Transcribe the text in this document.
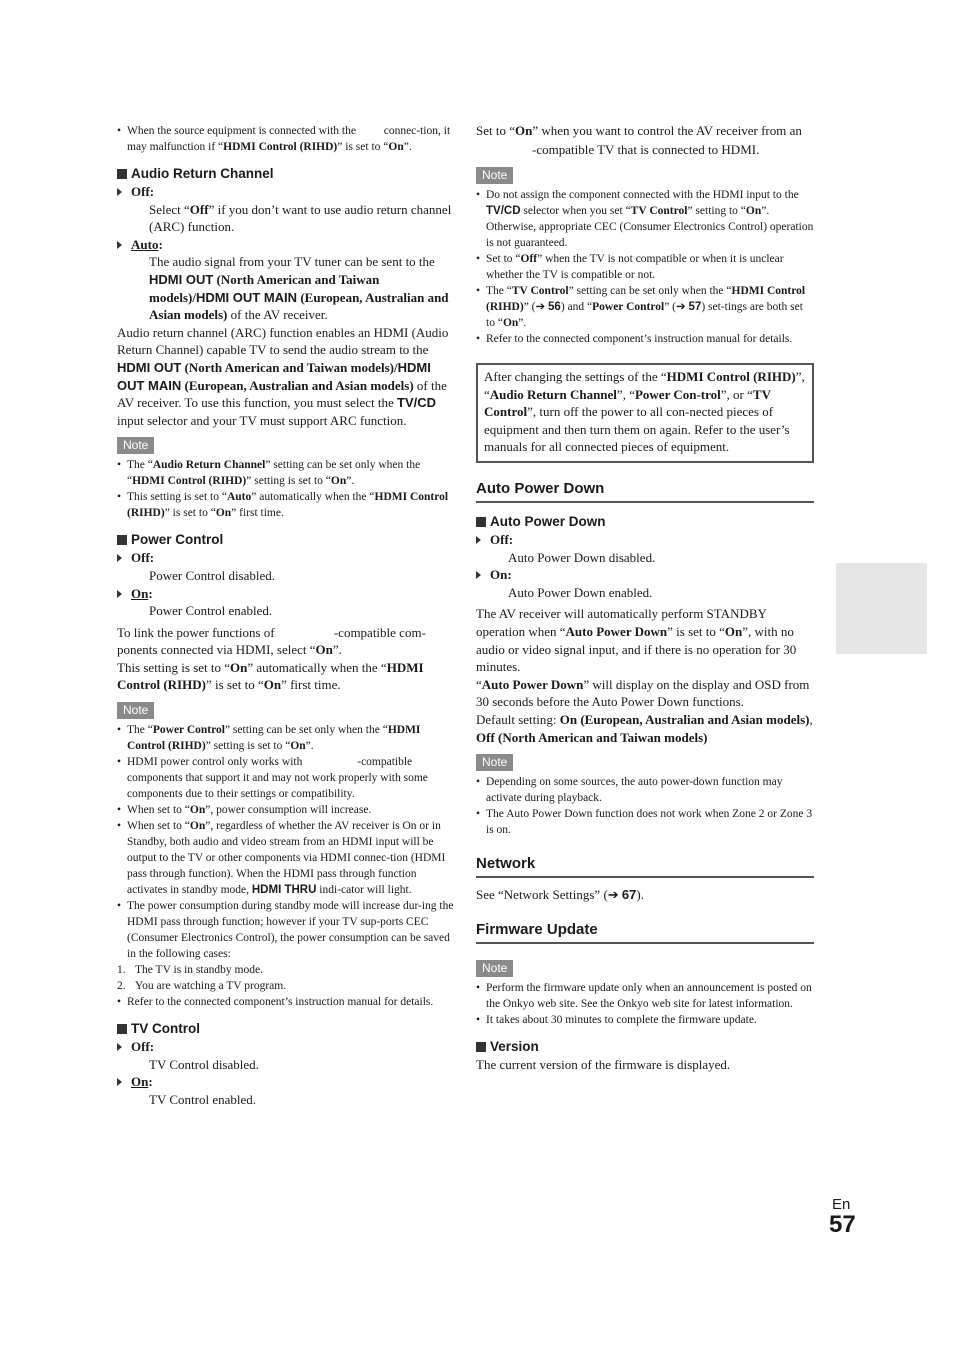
• When the source equipment is connected with the  connec-tion, it may malfunction if “HDMI Control (RIHD)” is set to “On”.
Audio Return Channel
Off:

Select “Off” if you don’t want to use audio return channel (ARC) function.

Auto:

The audio signal from your TV tuner can be sent to the HDMI OUT (North American and Taiwan models)/HDMI OUT MAIN (European, Australian and Asian models) of the AV receiver.

Audio return channel (ARC) function enables an HDMI (Audio Return Channel) capable TV to send the audio stream to the HDMI OUT (North American and Taiwan models)/HDMI OUT MAIN (European, Australian and Asian models) of the AV receiver. To use this function, you must select the TV/CD input selector and your TV must support ARC function.

Note
• The “Audio Return Channel” setting can be set only when the “HDMI Control (RIHD)” setting is set to “On”.
• This setting is set to “Auto” automatically when the “HDMI Control (RIHD)” is set to “On” first time.
Power Control
Off:

Power Control disabled.

On:

Power Control enabled.

To link the power functions of	-compatible com-ponents connected via HDMI, select “On”.

This setting is set to “On” automatically when the “HDMI Control (RIHD)” is set to “On” first time.

Note
• The “Power Control” setting can be set only when the “HDMI Control (RIHD)” setting is set to “On”.
• HDMI power control only works with	-compatible components that support it and may not work properly with some components due to their settings or compatibility.
• When set to “On”, power consumption will increase.
• When set to “On”, regardless of whether the AV receiver is On or in Standby, both audio and video stream from an HDMI input will be output to the TV or other components via HDMI connec-tion (HDMI pass through function). When the HDMI pass through function activates in standby mode, HDMI THRU indi-cator will light.
• The power consumption during standby mode will increase dur-ing the HDMI pass through function; however if your TV sup-ports CEC (Consumer Electronics Control), the power consumption can be saved in the following cases:
1. The TV is in standby mode.
2. You are watching a TV program.
• Refer to the connected component’s instruction manual for details.
TV Control
Off:

TV Control disabled.

On:

TV Control enabled.

Set to “On” when you want to control the AV receiver from an -compatible TV that is connected to HDMI.

Note
• Do not assign the component connected with the HDMI input to the TV/CD selector when you set “TV Control” setting to “On”. Otherwise, appropriate CEC (Consumer Electronics Control) operation is not guaranteed.
• Set to “Off” when the TV is not compatible or when it is unclear whether the TV is compatible or not.
• The “TV Control” setting can be set only when the “HDMI Control (RIHD)” (➔ 56) and “Power Control” (➔ 57) set-tings are both set to “On”.
• Refer to the connected component’s instruction manual for details.
After changing the settings of the “HDMI Control (RIHD)”, “Audio Return Channel”, “Power Con-trol”, or “TV Control”, turn off the power to all con-nected pieces of equipment and then turn them on again. Refer to the user’s manuals for all connected pieces of equipment.
Auto Power Down
Auto Power Down
Off:

Auto Power Down disabled.

On:

Auto Power Down enabled.

The AV receiver will automatically perform STANDBY operation when “Auto Power Down” is set to “On”, with no audio or video signal input, and if there is no operation for 30 minutes.

“Auto Power Down” will display on the display and OSD from 30 seconds before the Auto Power Down functions.

Default setting: On (European, Australian and Asian models), Off (North American and Taiwan models)

Note
• Depending on some sources, the auto power-down function may activate during playback.
• The Auto Power Down function does not work when Zone 2 or Zone 3 is on.
Network

See “Network Settings” (➔ 67).

Firmware Update
Note
• Perform the firmware update only when an announcement is posted on the Onkyo web site. See the Onkyo web site for latest information.
• It takes about 30 minutes to complete the firmware update.
Version

The current version of the firmware is displayed.

En
57
